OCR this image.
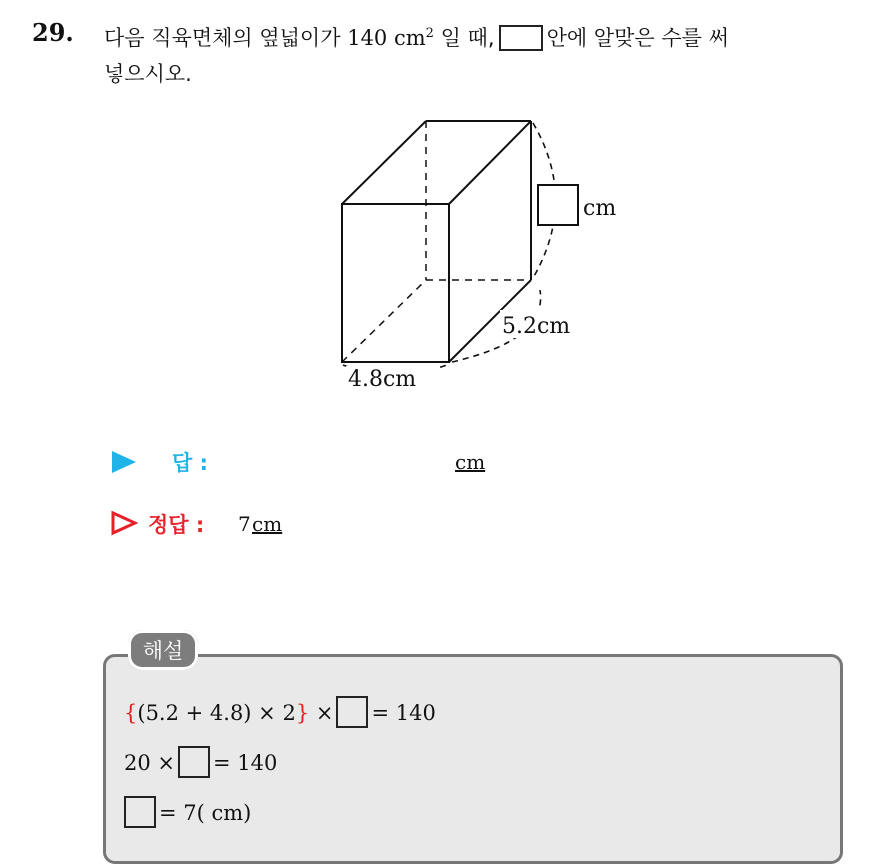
29. 다음 직육면체의 옆넓이가 140 $cm^2$ 일 때, 안에 알맞은 수를 써
넣으시오.
cm
5.2cm
4.8cm
답 :	cm
정답 : 7 cm
해설
{(5.2 + 4.8) × 2} × = 140
20 × = 140
= 7( cm)
